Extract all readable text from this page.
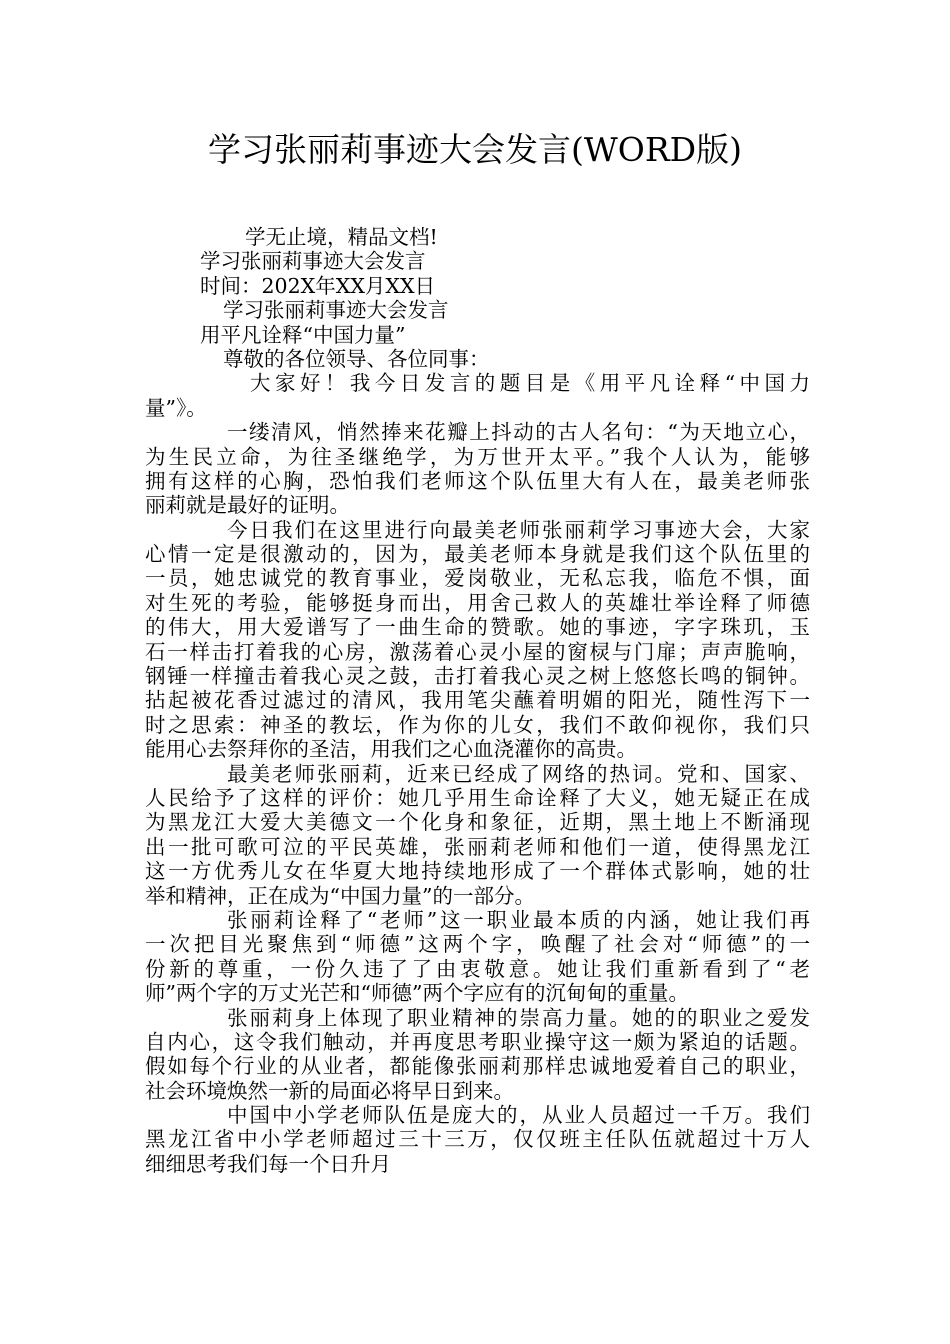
学习张丽莉事迹大会发言(WORD版)
学无止境，精品文档!
学习张丽莉事迹大会发言
时间：202X年XX月XX日
学习张丽莉事迹大会发言
用平凡诠释“中国力量”
尊敬的各位领导、各位同事：
大家好！我今日发言的题目是《用平凡诠释“中国力
量”》。
一缕清风，悄然捧来花瓣上抖动的古人名句：“为天地立心，
为生民立命，为往圣继绝学，为万世开太平。”我个人认为，能够
拥有这样的心胸，恐怕我们老师这个队伍里大有人在，最美老师张
丽莉就是最好的证明。
今日我们在这里进行向最美老师张丽莉学习事迹大会，大家
心情一定是很激动的，因为，最美老师本身就是我们这个队伍里的
一员，她忠诚党的教育事业，爱岗敬业，无私忘我，临危不惧，面
对生死的考验，能够挺身而出，用舍己救人的英雄壮举诠释了师德
的伟大，用大爱谱写了一曲生命的赞歌。她的事迹，字字珠玑，玉
石一样击打着我的心房，激荡着心灵小屋的窗棂与门扉；声声脆响，
钢锤一样撞击着我心灵之鼓，击打着我心灵之树上悠悠长鸣的铜钟。
拈起被花香过滤过的清风，我用笔尖蘸着明媚的阳光，随性泻下一
时之思索：神圣的教坛，作为你的儿女，我们不敢仰视你，我们只
能用心去祭拜你的圣洁，用我们之心血浇灌你的高贵。
最美老师张丽莉，近来已经成了网络的热词。党和、国家、
人民给予了这样的评价：她几乎用生命诠释了大义，她无疑正在成
为黑龙江大爱大美德文一个化身和象征，近期，黑土地上不断涌现
出一批可歌可泣的平民英雄，张丽莉老师和他们一道，使得黑龙江
这一方优秀儿女在华夏大地持续地形成了一个群体式影响，她的壮
举和精神，正在成为“中国力量”的一部分。
张丽莉诠释了“老师”这一职业最本质的内涵，她让我们再
一次把目光聚焦到“师德”这两个字，唤醒了社会对“师德”的一
份新的尊重，一份久违了了由衷敬意。她让我们重新看到了“老
师”两个字的万丈光芒和“师德”两个字应有的沉甸甸的重量。
张丽莉身上体现了职业精神的崇高力量。她的的职业之爱发
自内心，这令我们触动，并再度思考职业操守这一颇为紧迫的话题。
假如每个行业的从业者，都能像张丽莉那样忠诚地爱着自己的职业，
社会环境焕然一新的局面必将早日到来。
中国中小学老师队伍是庞大的，从业人员超过一千万。我们
黑龙江省中小学老师超过三十三万，仅仅班主任队伍就超过十万人
细细思考我们每一个日升月
